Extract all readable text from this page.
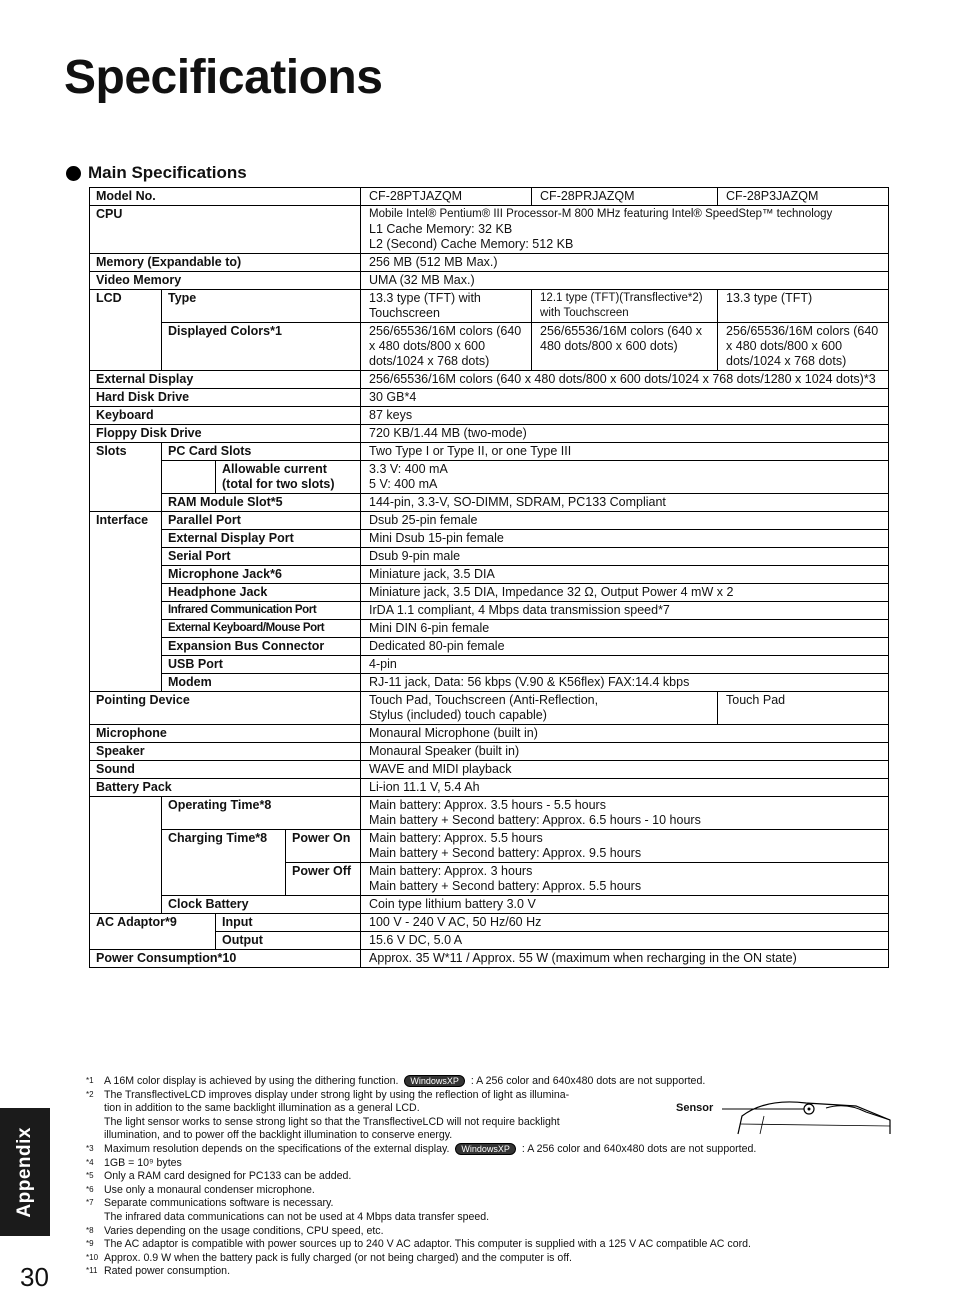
Specifications
Main Specifications
Model No.				CF-28PTJAZQM	CF-28PRJAZQM	CF-28P3JAZQM
CPU				Mobile Intel® Pentium® III Processor-M 800 MHz featuring Intel® SpeedStep™ technology
L1 Cache Memory: 32 KB
L2 (Second) Cache Memory: 512 KB		

Memory (Expandable to)				256 MB (512 MB Max.)		
Video Memory				UMA (32 MB Max.)		
LCD	Type			13.3 type (TFT) with Touchscreen	12.1 type (TFT)(Transflective*2) with Touchscreen	13.3 type (TFT)
	Displayed Colors*1			256/65536/16M colors (640 x 480 dots/800 x 600 dots/1024 x 768 dots)	256/65536/16M colors (640 x 480 dots/800 x 600 dots)	256/65536/16M colors (640 x 480 dots/800 x 600 dots/1024 x 768 dots)
External Display				256/65536/16M colors (640 x 480 dots/800 x 600 dots/1024 x 768 dots/1280 x 1024 dots)*3		
Hard Disk Drive				30 GB*4		
Keyboard				87 keys		
Floppy Disk Drive				720 KB/1.44 MB (two-mode)		
Slots	PC Card Slots			Two Type I or Type II, or one Type III		
		Allowable current (total for two slots)		3.3 V: 400 mA
5 V: 400 mA		

	RAM Module Slot*5			144-pin, 3.3-V, SO-DIMM, SDRAM, PC133 Compliant		
Interface	Parallel Port			Dsub 25-pin female		
	External Display Port			Mini Dsub 15-pin female		
	Serial Port			Dsub 9-pin male		
	Microphone Jack*6			Miniature jack, 3.5 DIA		
	Headphone Jack			Miniature jack, 3.5 DIA, Impedance 32 Ω, Output Power 4 mW x 2		
	Infrared Communication Port			IrDA 1.1 compliant, 4 Mbps data transmission speed*7		
	External Keyboard/Mouse Port			Mini DIN 6-pin female		
	Expansion Bus Connector			Dedicated 80-pin female		
	USB Port			4-pin		
	Modem			RJ-11 jack, Data: 56 kbps (V.90 & K56flex) FAX:14.4 kbps		
Pointing Device				Touch Pad, Touchscreen (Anti-Reflection,
Stylus (included) touch capable)		Touch Pad
Microphone				Monaural Microphone (built in)		
Speaker				Monaural Speaker (built in)		
Sound				WAVE and MIDI playback		
Battery Pack				Li-ion 11.1 V, 5.4 Ah		
	Operating Time*8			Main battery: Approx. 3.5 hours - 5.5 hours
Main battery + Second battery: Approx. 6.5 hours - 10 hours		

	Charging Time*8		Power On	Main battery: Approx. 5.5 hours
Main battery + Second battery: Approx. 9.5 hours		

			Power Off	Main battery: Approx. 3 hours
Main battery + Second battery: Approx. 5.5 hours		

	Clock Battery			Coin type lithium battery 3.0 V		
AC Adaptor*9		Input		100 V - 240 V AC, 50 Hz/60 Hz		
		Output		15.6 V DC, 5.0 A		
Power Consumption*10				Approx. 35 W*11 / Approx. 55 W (maximum when recharging in the ON state)		
*1 A 16M color display is achieved by using the dithering function. WindowsXP : A 256 color and 640x480 dots are not supported.
*2 The TransflectiveLCD improves display under strong light by using the reflection of light as illumina-
tion in addition to the same backlight illumination as a general LCD.
The light sensor works to sense strong light so that the TransflectiveLCD will not require backlight
illumination, and to power off the backlight illumination to conserve energy.
*3 Maximum resolution depends on the specifications of the external display. WindowsXP : A 256 color and 640x480 dots are not supported.
*4 1GB = 10⁹ bytes
*5 Only a RAM card designed for PC133 can be added.
*6 Use only a monaural condenser microphone.
*7 Separate communications software is necessary.
The infrared data communications can not be used at 4 Mbps data transfer speed.
*8 Varies depending on the usage conditions, CPU speed, etc.
*9 The AC adaptor is compatible with power sources up to 240 V AC adaptor. This computer is supplied with a 125 V AC compatible AC cord.
*10 Approx. 0.9 W when the battery pack is fully charged (or not being charged) and the computer is off.
*11 Rated power consumption.
Sensor
Appendix
30
